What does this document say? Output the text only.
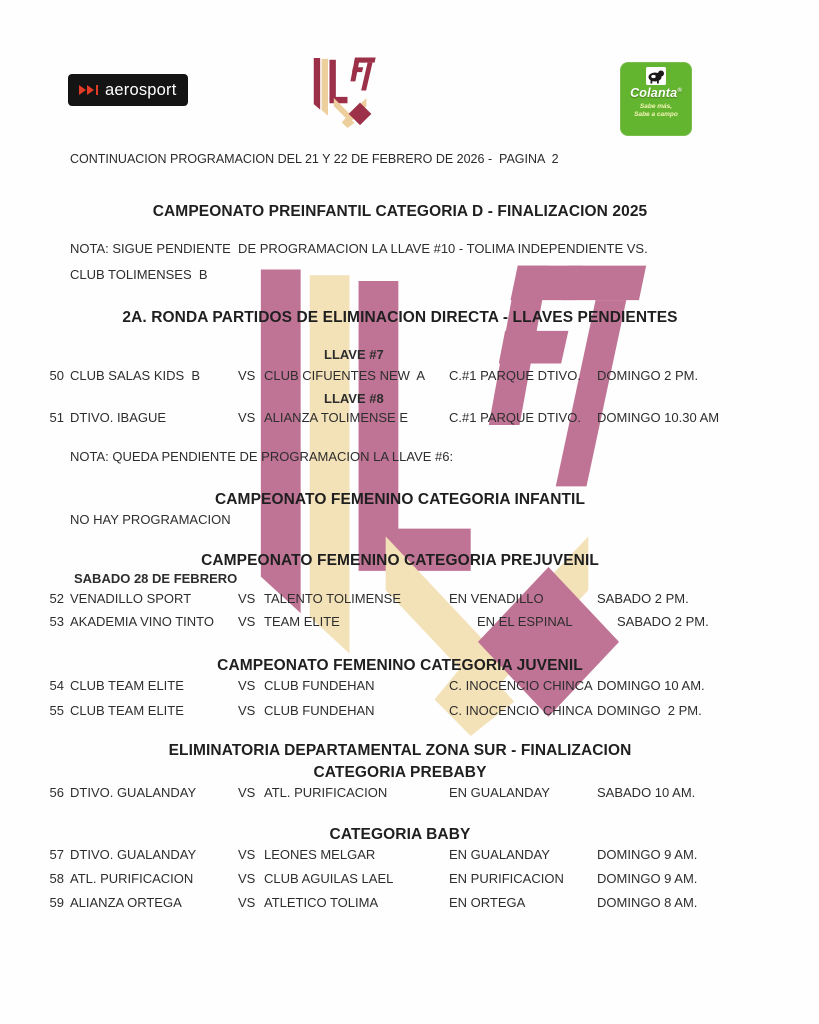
aerosport	Colanta®
Sabe más,
Sabe a campo
CONTINUACION PROGRAMACION DEL 21 Y 22 DE FEBRERO DE 2026 -  PAGINA  2
CAMPEONATO PREINFANTIL CATEGORIA D - FINALIZACION 2025
NOTA: SIGUE PENDIENTE  DE PROGRAMACION LA LLAVE #10 - TOLIMA INDEPENDIENTE VS.
CLUB TOLIMENSES  B
2A. RONDA PARTIDOS DE ELIMINACION DIRECTA - LLAVES PENDIENTES
LLAVE #7
50 CLUB SALAS KIDS  B	VS CLUB CIFUENTES NEW  A C.#1 PARQUE DTIVO. DOMINGO 2 PM.
LLAVE #8
51 DTIVO. IBAGUE	VS ALIANZA TOLIMENSE E	C.#1 PARQUE DTIVO. DOMINGO 10.30 AM
NOTA: QUEDA PENDIENTE DE PROGRAMACION LA LLAVE #6:
CAMPEONATO FEMENINO CATEGORIA INFANTIL
NO HAY PROGRAMACION
CAMPEONATO FEMENINO CATEGORIA PREJUVENIL
SABADO 28 DE FEBRERO
52 VENADILLO SPORT	VS TALENTO TOLIMENSE	EN VENADILLO	SABADO 2 PM.
53 AKADEMIA VINO TINTO VS TEAM ELITE	EN EL ESPINAL	SABADO 2 PM.
CAMPEONATO FEMENINO CATEGORIA JUVENIL
54 CLUB TEAM ELITE	VS CLUB FUNDEHAN	C. INOCENCIO CHINCA DOMINGO 10 AM.
55 CLUB TEAM ELITE	VS CLUB FUNDEHAN	C. INOCENCIO CHINCA DOMINGO  2 PM.
ELIMINATORIA DEPARTAMENTAL ZONA SUR - FINALIZACION
CATEGORIA PREBABY
56 DTIVO. GUALANDAY	VS ATL. PURIFICACION	EN GUALANDAY	SABADO 10 AM.
CATEGORIA BABY
57 DTIVO. GUALANDAY	VS LEONES MELGAR	EN GUALANDAY	DOMINGO 9 AM.
58 ATL. PURIFICACION	VS CLUB AGUILAS LAEL	EN PURIFICACION	DOMINGO 9 AM.
59 ALIANZA ORTEGA	VS ATLETICO TOLIMA	EN ORTEGA	DOMINGO 8 AM.
